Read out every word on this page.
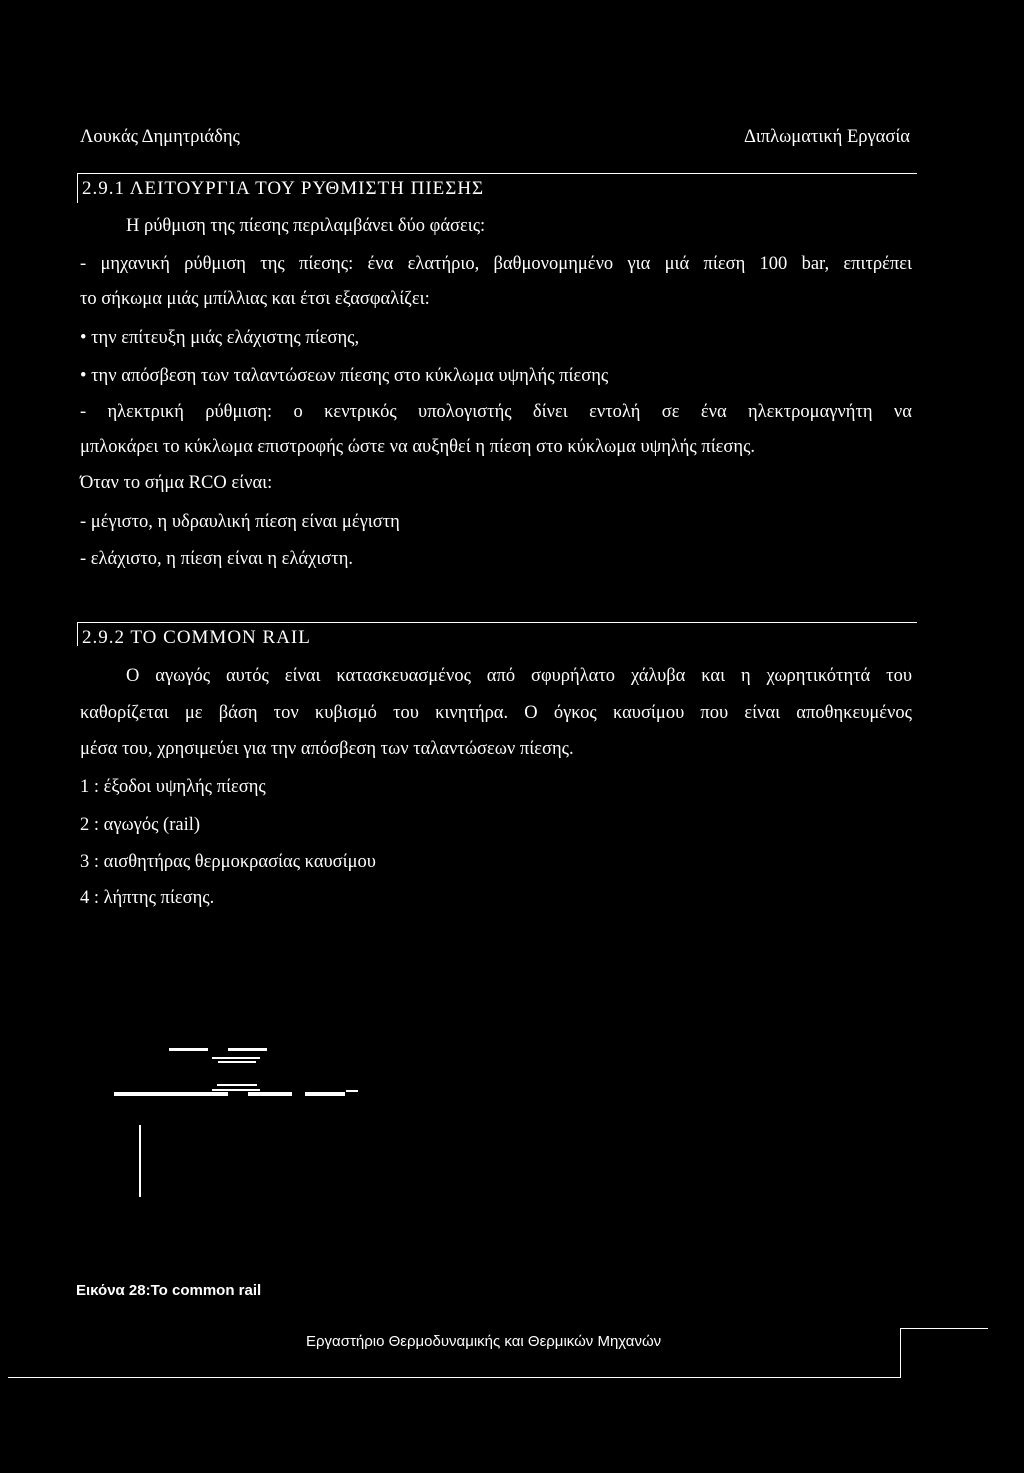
Λουκάς Δημητριάδης	Διπλωματική Εργασία
2.9.1 ΛΕΙΤΟΥΡΓΙΑ ΤΟΥ ΡΥΘΜΙΣΤΗ ΠΙΕΣΗΣ
Η ρύθμιση της πίεσης περιλαμβάνει δύο φάσεις:
- μηχανική ρύθμιση της πίεσης: ένα ελατήριο, βαθμονομημένο για μιά πίεση 100 bar, επιτρέπει
το σήκωμα μιάς μπίλλιας και έτσι εξασφαλίζει:
• την επίτευξη μιάς ελάχιστης πίεσης,
• την απόσβεση των ταλαντώσεων πίεσης στο κύκλωμα υψηλής πίεσης
- ηλεκτρική ρύθμιση: ο κεντρικός υπολογιστής δίνει εντολή σε ένα ηλεκτρομαγνήτη να
μπλοκάρει το κύκλωμα επιστροφής ώστε να αυξηθεί η πίεση στο κύκλωμα υψηλής πίεσης.
Όταν το σήμα RCO είναι:
- μέγιστο, η υδραυλική πίεση είναι μέγιστη
- ελάχιστο, η πίεση είναι η ελάχιστη.
2.9.2 ΤΟ COMMON RAIL
Ο αγωγός αυτός είναι κατασκευασμένος από σφυρήλατο χάλυβα και η χωρητικότητά του
καθορίζεται με βάση τον κυβισμό του κινητήρα. Ο όγκος καυσίμου που είναι αποθηκευμένος
μέσα του, χρησιμεύει για την απόσβεση των ταλαντώσεων πίεσης.
1 : έξοδοι υψηλής πίεσης
2 : αγωγός (rail)
3 : αισθητήρας θερμοκρασίας καυσίμου
4 : λήπτης πίεσης.
Εικόνα 28:Το common rail
Εργαστήριο Θερμοδυναμικής και Θερμικών Μηχανών
